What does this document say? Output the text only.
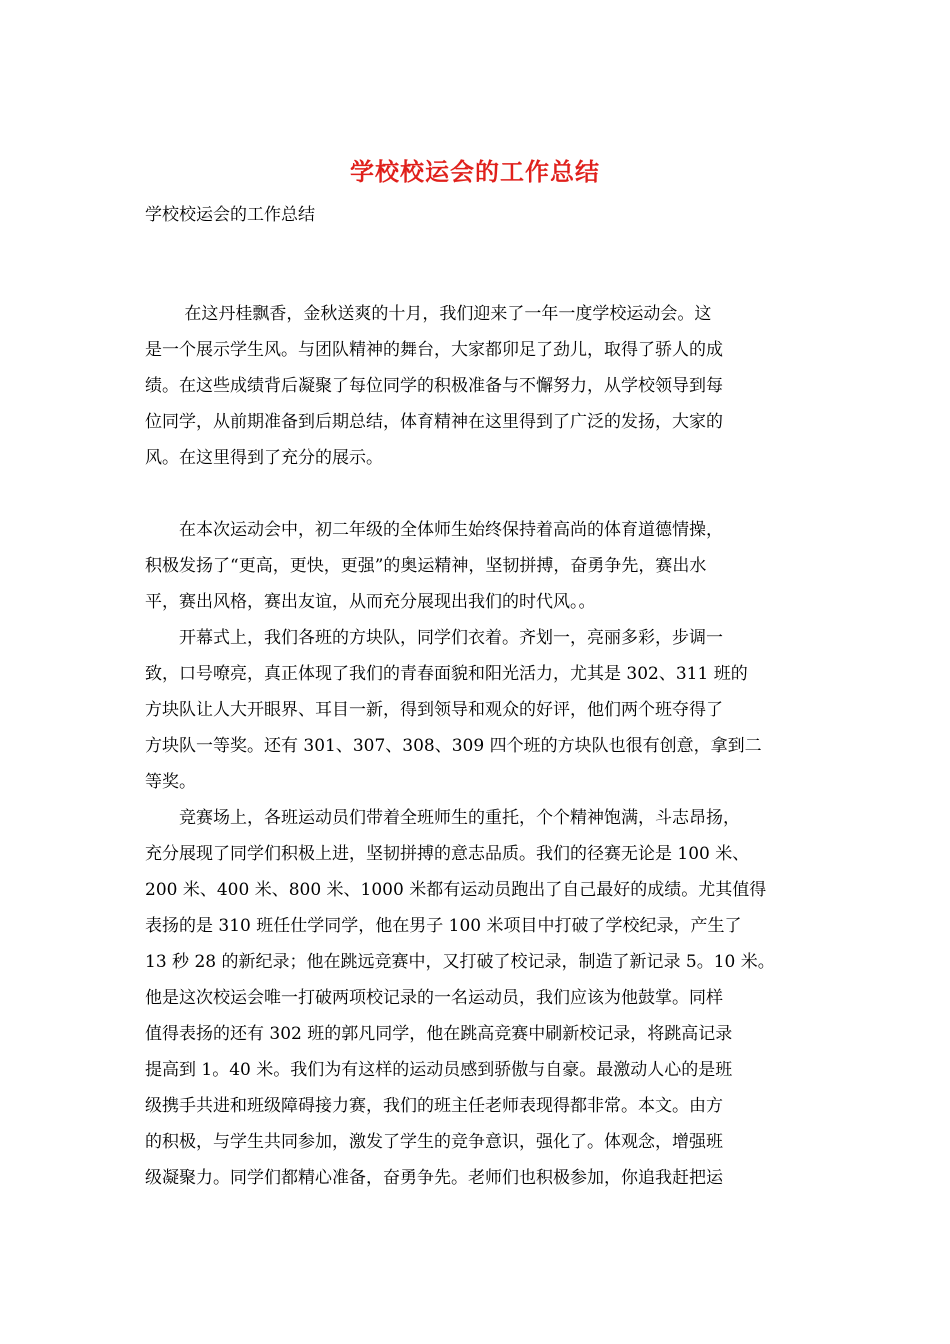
学校校运会的工作总结
学校校运会的工作总结
　　 在这丹桂飘香，金秋送爽的十月，我们迎来了一年一度学校运动会。这
是一个展示学生风。与团队精神的舞台，大家都卯足了劲儿，取得了骄人的成
绩。在这些成绩背后凝聚了每位同学的积极准备与不懈努力，从学校领导到每
位同学，从前期准备到后期总结，体育精神在这里得到了广泛的发扬，大家的
风。在这里得到了充分的展示。
　　在本次运动会中，初二年级的全体师生始终保持着高尚的体育道德情操，
积极发扬了“更高，更快，更强”的奥运精神，坚韧拼搏，奋勇争先，赛出水
平，赛出风格，赛出友谊，从而充分展现出我们的时代风。。
　　开幕式上，我们各班的方块队，同学们衣着。齐划一，亮丽多彩，步调一
致，口号嘹亮，真正体现了我们的青春面貌和阳光活力，尤其是 302、311 班的
方块队让人大开眼界、耳目一新，得到领导和观众的好评，他们两个班夺得了
方块队一等奖。还有 301、307、308、309 四个班的方块队也很有创意，拿到二
等奖。
　　竞赛场上，各班运动员们带着全班师生的重托，个个精神饱满，斗志昂扬，
充分展现了同学们积极上进，坚韧拼搏的意志品质。我们的径赛无论是 100 米、
200 米、400 米、800 米、1000 米都有运动员跑出了自己最好的成绩。尤其值得
表扬的是 310 班任仕学同学，他在男子 100 米项目中打破了学校纪录，产生了
13 秒 28 的新纪录；他在跳远竞赛中，又打破了校记录，制造了新记录 5。10 米。
他是这次校运会唯一打破两项校记录的一名运动员，我们应该为他鼓掌。同样
值得表扬的还有 302 班的郭凡同学，他在跳高竞赛中刷新校记录，将跳高记录
提高到 1。40 米。我们为有这样的运动员感到骄傲与自豪。最激动人心的是班
级携手共进和班级障碍接力赛，我们的班主任老师表现得都非常。本文。由方
的积极，与学生共同参加，激发了学生的竞争意识，强化了。体观念，增强班
级凝聚力。同学们都精心准备，奋勇争先。老师们也积极参加，你追我赶把运
